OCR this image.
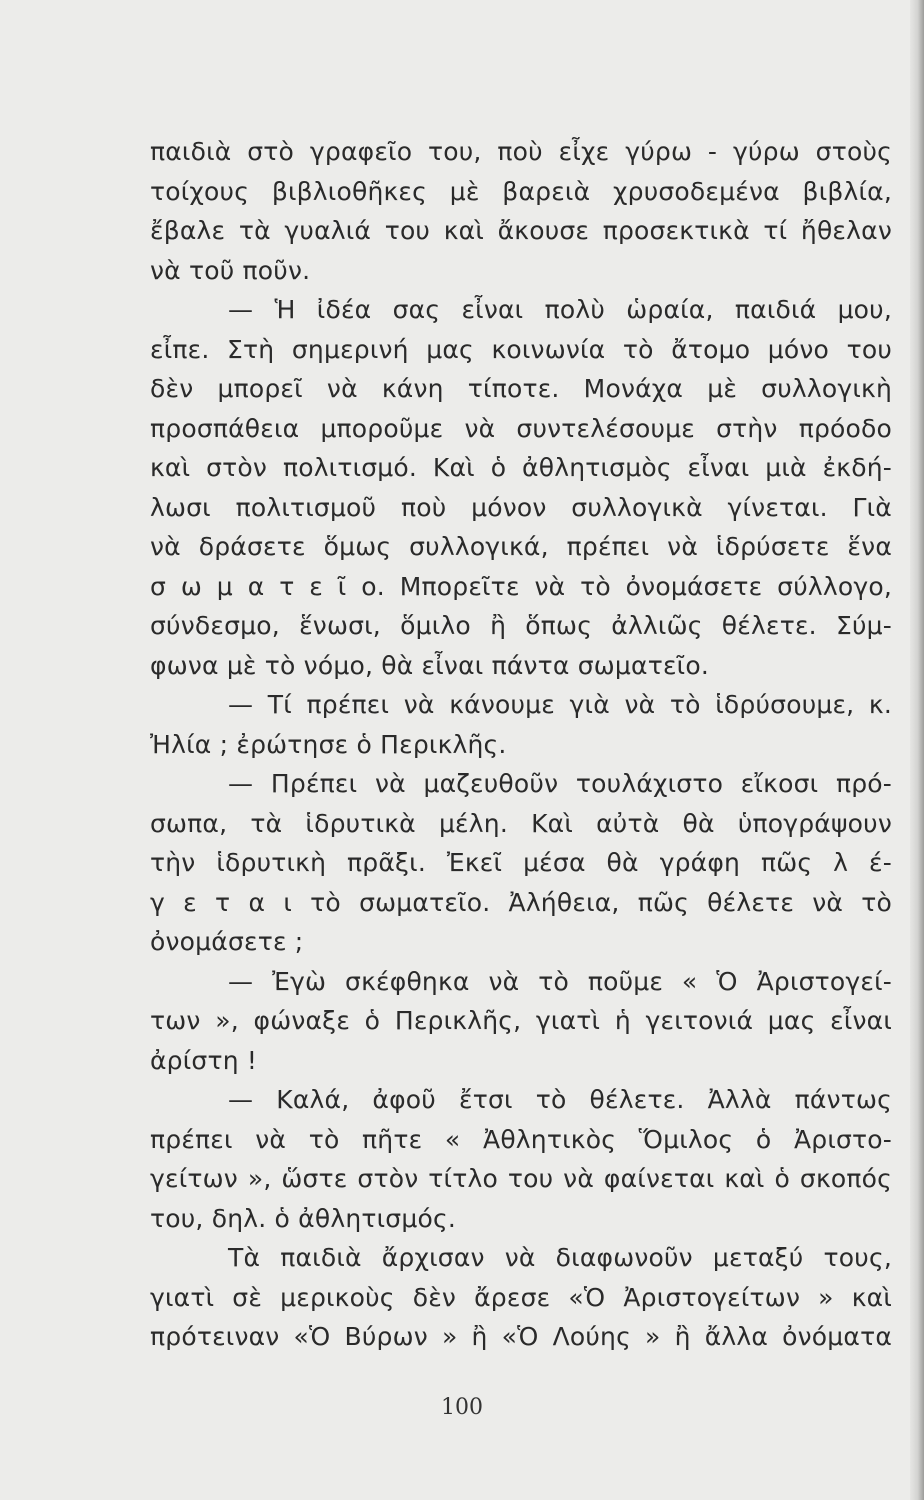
παιδιὰ στὸ γραφεῖο του, ποὺ εἶχε γύρω - γύρω στοὺς
τοίχους βιβλιοθῆκες μὲ βαρειὰ χρυσοδεμένα βιβλία,
ἔβαλε τὰ γυαλιά του καὶ ἄκουσε προσεκτικὰ τί ἤθελαν
νὰ τοῦ ποῦν.
— Ἡ ἰδέα σας εἶναι πολὺ ὡραία, παιδιά μου,
εἶπε. Στὴ σημερινή μας κοινωνία τὸ ἄτομο μόνο του
δὲν μπορεῖ νὰ κάνη τίποτε. Μονάχα μὲ συλλογικὴ
προσπάθεια μποροῦμε νὰ συντελέσουμε στὴν πρόοδο
καὶ στὸν πολιτισμό. Καὶ ὁ ἀθλητισμὸς εἶναι μιὰ ἐκδή-
λωσι πολιτισμοῦ ποὺ μόνον συλλογικὰ γίνεται. Γιὰ
νὰ δράσετε ὅμως συλλογικά, πρέπει νὰ ἱδρύσετε ἕνα
σ ω μ α τ ε ῖ ο. Μπορεῖτε νὰ τὸ ὀνομάσετε σύλλογο,
σύνδεσμο, ἕνωσι, ὅμιλο ἢ ὅπως ἀλλιῶς θέλετε. Σύμ-
φωνα μὲ τὸ νόμο, θὰ εἶναι πάντα σωματεῖο.
— Τί πρέπει νὰ κάνουμε γιὰ νὰ τὸ ἱδρύσουμε, κ.
Ἠλία ; ἐρώτησε ὁ Περικλῆς.
— Πρέπει νὰ μαζευθοῦν τουλάχιστο εἴκοσι πρό-
σωπα, τὰ ἱδρυτικὰ μέλη. Καὶ αὐτὰ θὰ ὑπογράψουν
τὴν ἱδρυτικὴ πρᾶξι. Ἐκεῖ μέσα θὰ γράφη πῶς λ έ-
γ ε τ α ι τὸ σωματεῖο. Ἀλήθεια, πῶς θέλετε νὰ τὸ
ὀνομάσετε ;
— Ἐγὼ σκέφθηκα νὰ τὸ ποῦμε « Ὁ Ἀριστογεί-
των », φώναξε ὁ Περικλῆς, γιατὶ ἡ γειτονιά μας εἶναι
ἀρίστη !
— Καλά, ἀφοῦ ἔτσι τὸ θέλετε. Ἀλλὰ πάντως
πρέπει νὰ τὸ πῆτε « Ἀθλητικὸς Ὅμιλος ὁ Ἀριστο-
γείτων », ὥστε στὸν τίτλο του νὰ φαίνεται καὶ ὁ σκοπός
του, δηλ. ὁ ἀθλητισμός.
Τὰ παιδιὰ ἄρχισαν νὰ διαφωνοῦν μεταξύ τους,
γιατὶ σὲ μερικοὺς δὲν ἄρεσε «Ὁ Ἀριστογείτων » καὶ
πρότειναν «Ὁ Βύρων » ἢ «Ὁ Λούης » ἢ ἄλλα ὀνόματα
100
